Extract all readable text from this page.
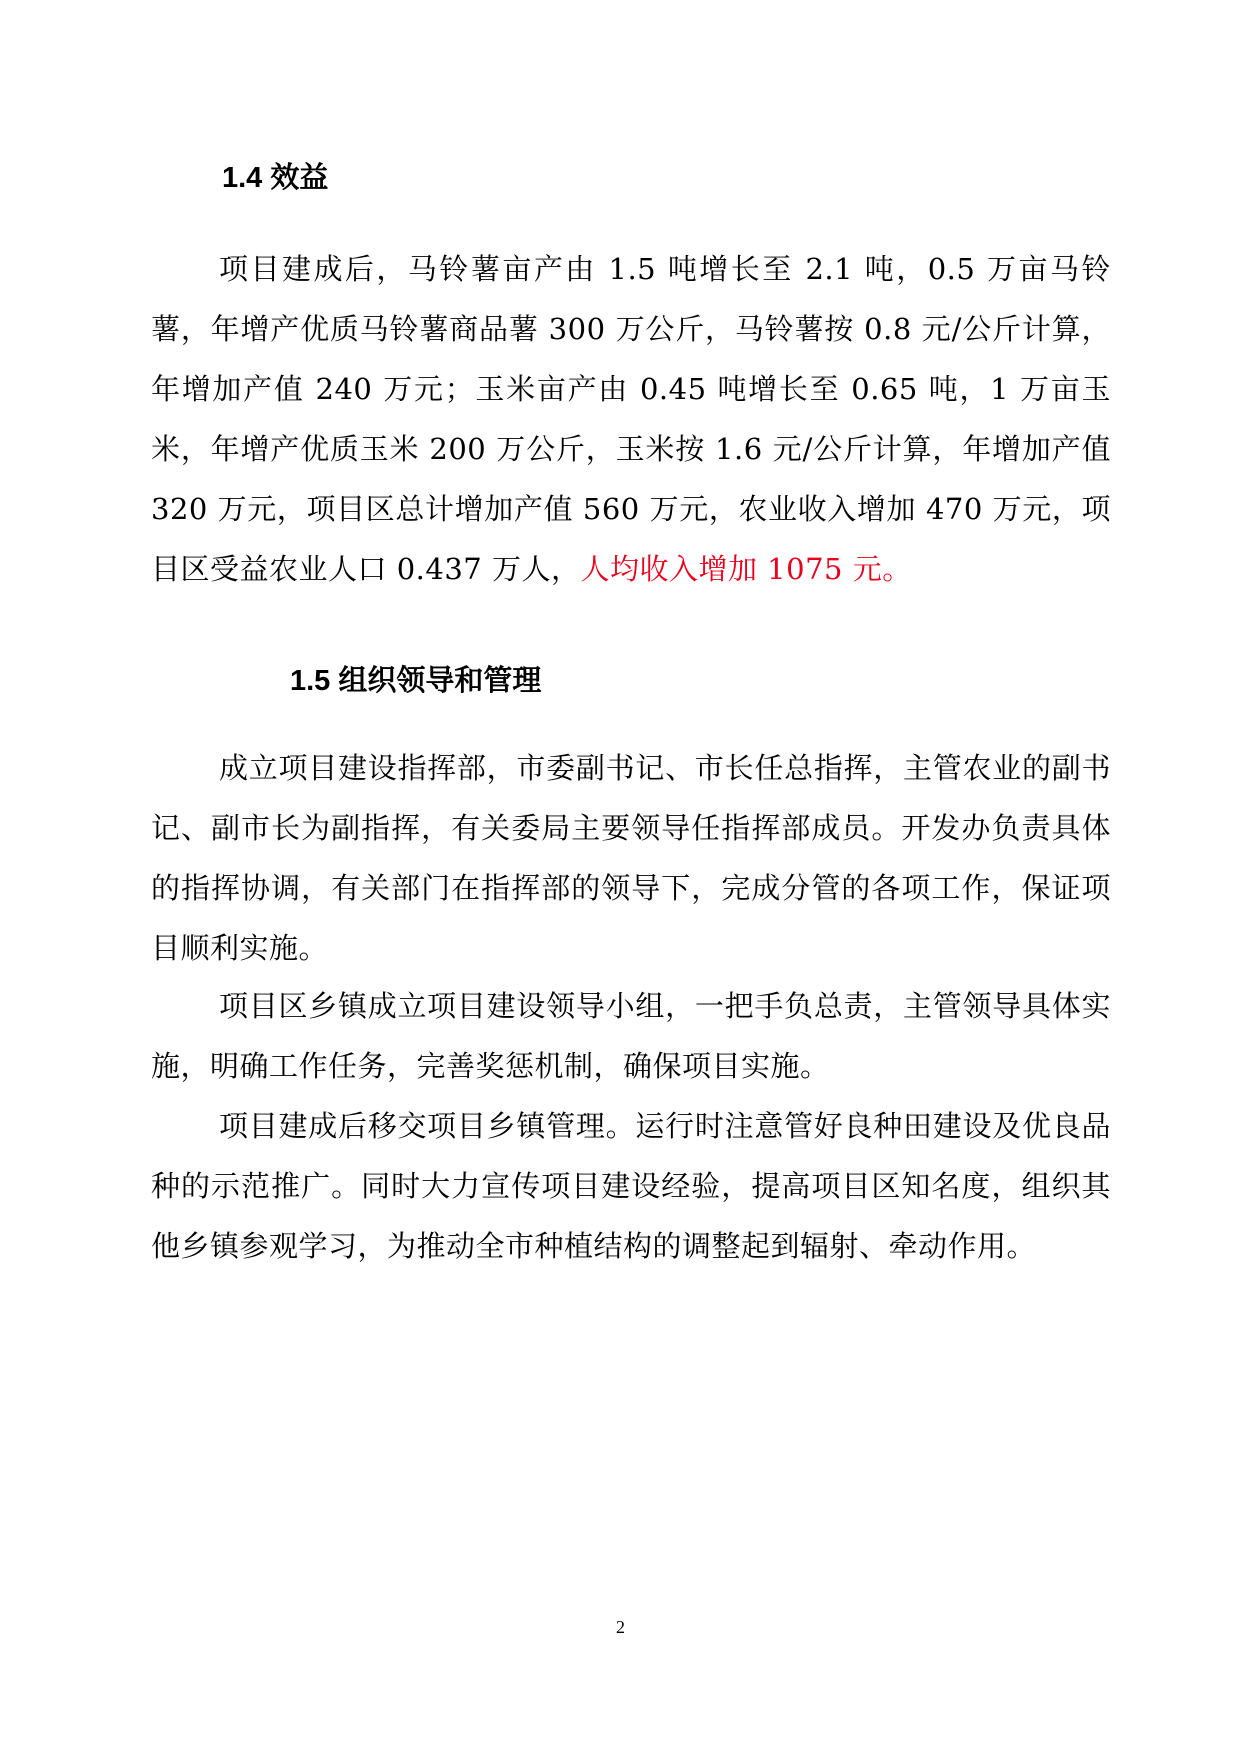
1.4 效益

项目建成后，马铃薯亩产由 1.5 吨增长至 2.1 吨，0.5 万亩马铃薯，年增产优质马铃薯商品薯 300 万公斤，马铃薯按 0.8 元/公斤计算，年增加产值 240 万元；玉米亩产由 0.45 吨增长至 0.65 吨，1 万亩玉米，年增产优质玉米 200 万公斤，玉米按 1.6 元/公斤计算，年增加产值 320 万元，项目区总计增加产值 560 万元，农业收入增加 470 万元，项目区受益农业人口 0.437 万人，人均收入增加 1075 元。

1.5 组织领导和管理

成立项目建设指挥部，市委副书记、市长任总指挥，主管农业的副书记、副市长为副指挥，有关委局主要领导任指挥部成员。开发办负责具体的指挥协调，有关部门在指挥部的领导下，完成分管的各项工作，保证项目顺利实施。

项目区乡镇成立项目建设领导小组，一把手负总责，主管领导具体实施，明确工作任务，完善奖惩机制，确保项目实施。

项目建成后移交项目乡镇管理。运行时注意管好良种田建设及优良品种的示范推广。同时大力宣传项目建设经验，提高项目区知名度，组织其他乡镇参观学习，为推动全市种植结构的调整起到辐射、牵动作用。

2
